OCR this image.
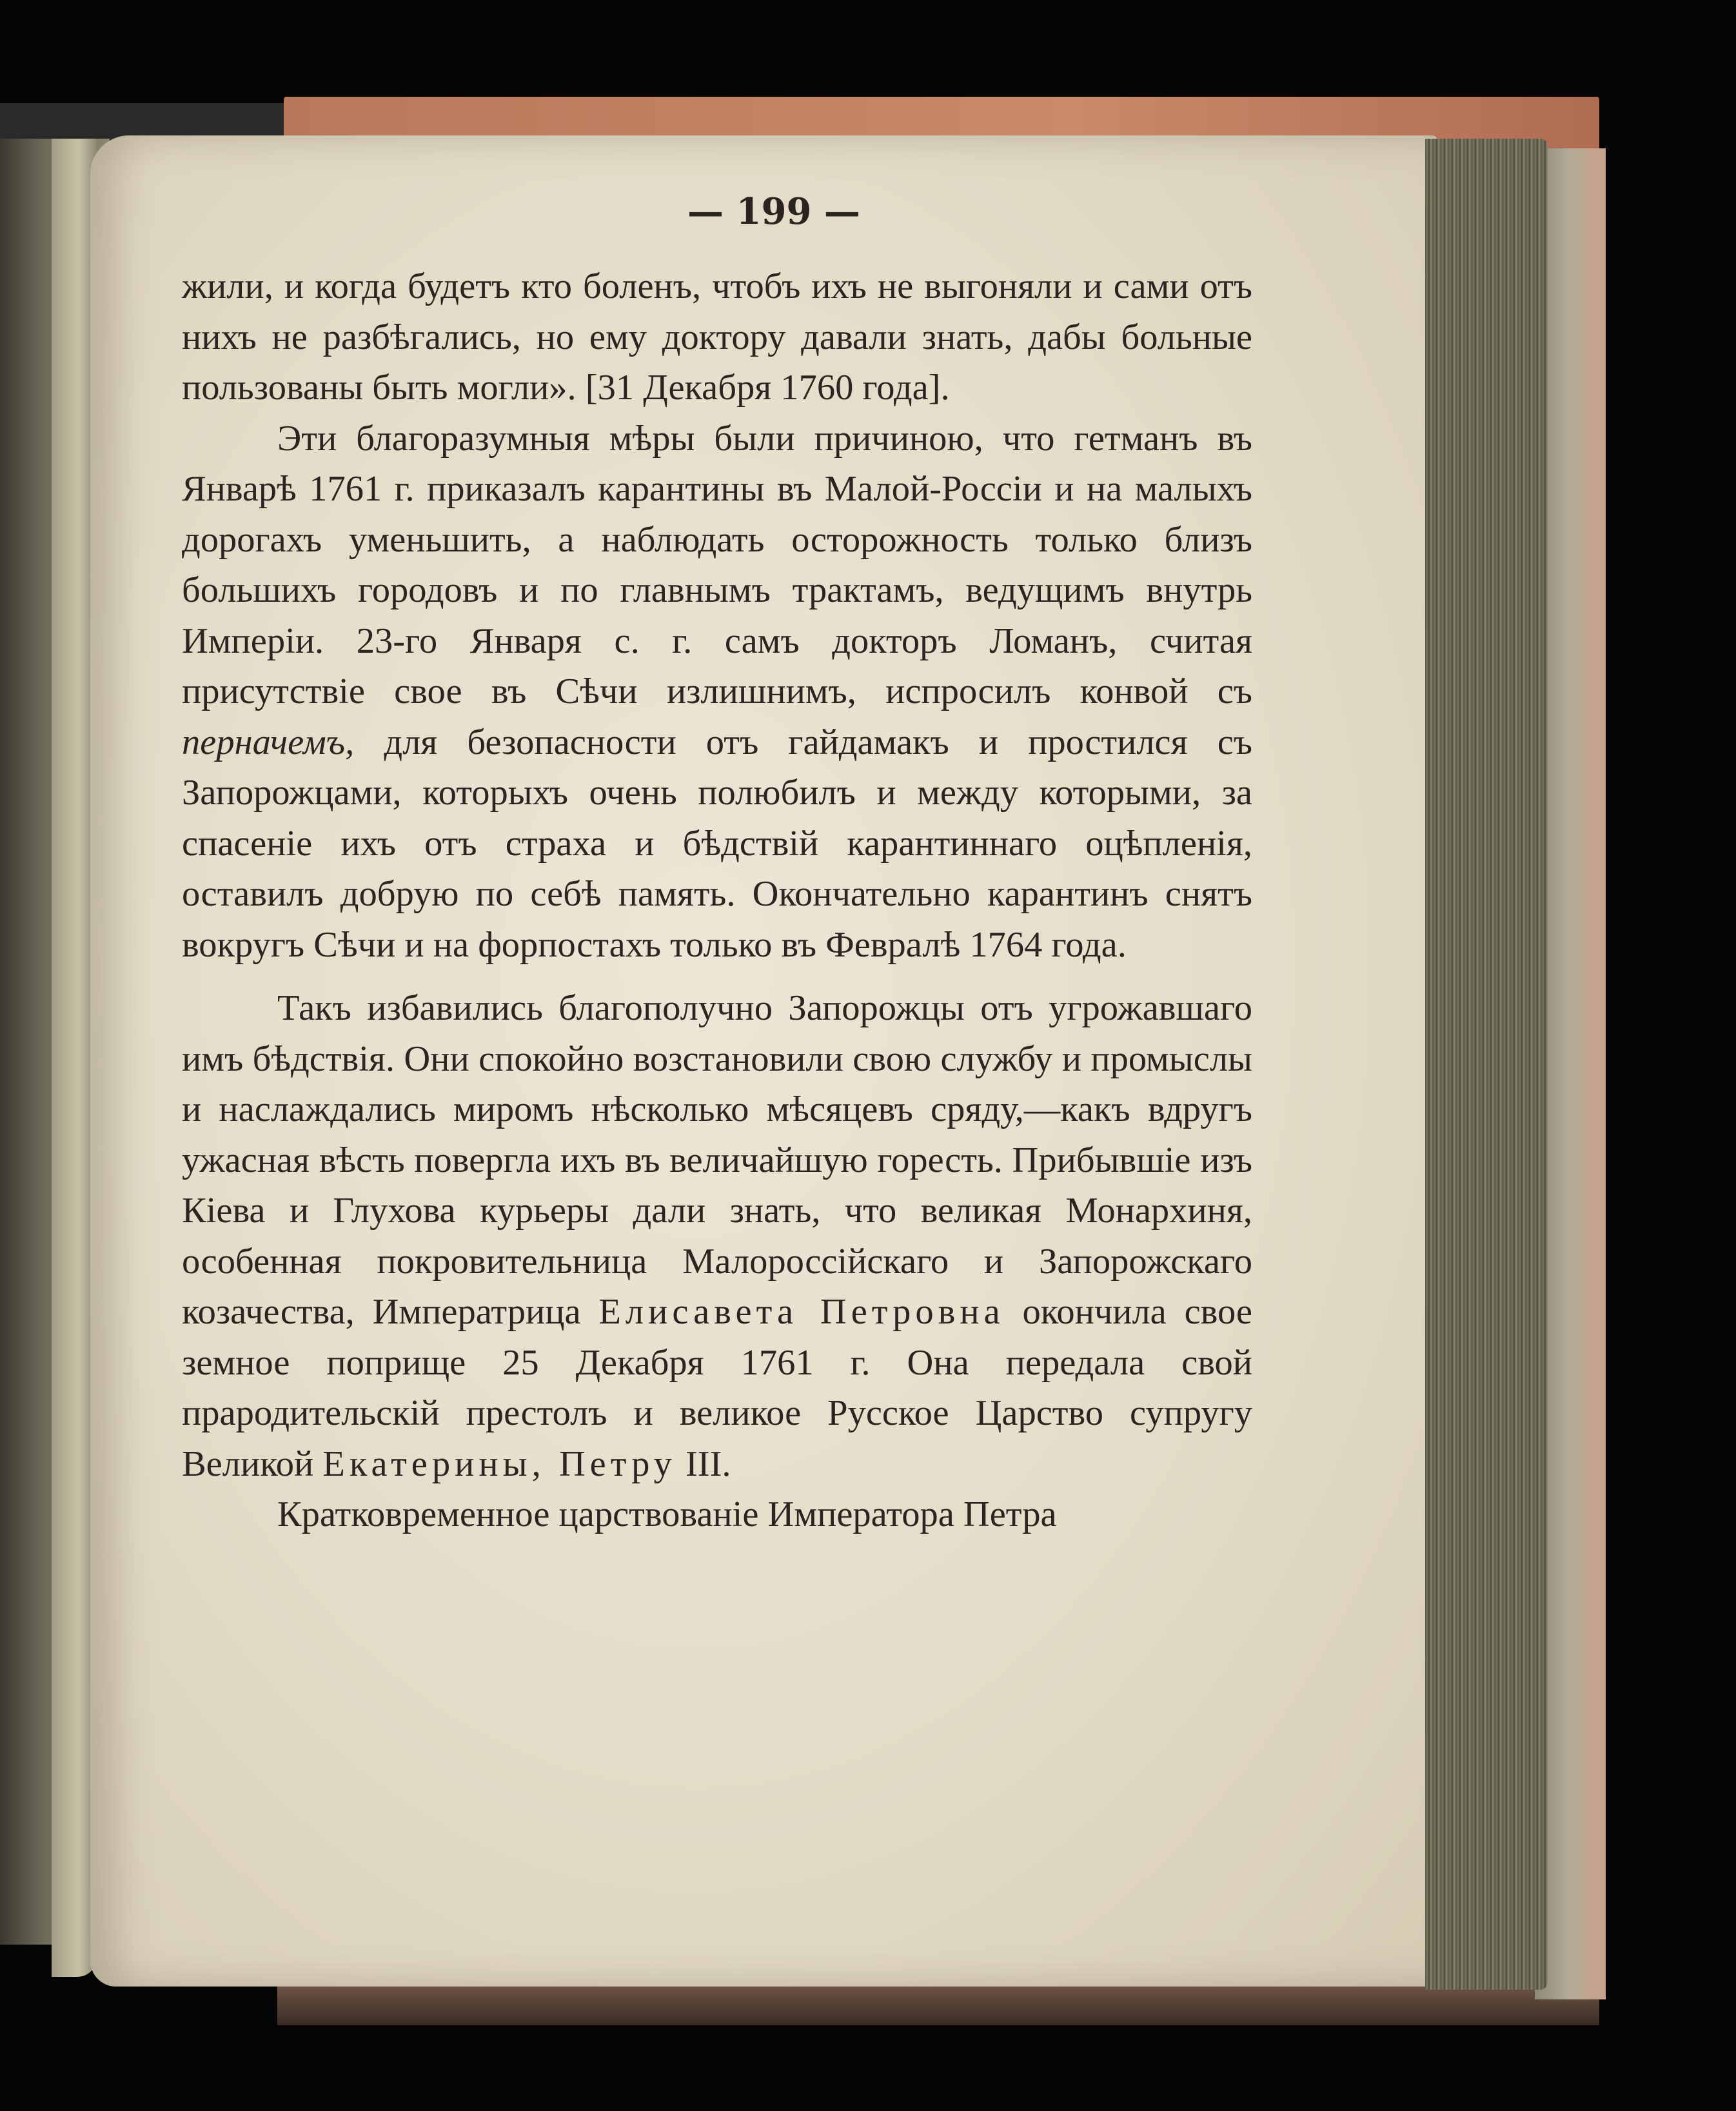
— 199 —

жили, и когда будетъ кто боленъ, чтобъ ихъ не выгоняли и сами отъ нихъ не разбѣгались, но ему доктору давали знать, дабы больные пользованы быть могли». [31 Декабря 1760 года].

Эти благоразумныя мѣры были причиною, что гетманъ въ Январѣ 1761 г. приказалъ карантины въ Малой-Россiи и на малыхъ дорогахъ уменьшить, а наблюдать осторожность только близъ большихъ городовъ и по главнымъ трактамъ, ведущимъ внутрь Имперiи. 23-го Января с. г. самъ докторъ Ломанъ, считая присутствiе свое въ Сѣчи излишнимъ, испросилъ конвой съ перначемъ, для безопасности отъ гайдамакъ и простился съ Запорожцами, которыхъ очень полюбилъ и между которыми, за спасенiе ихъ отъ страха и бѣдствiй карантиннаго оцѣпленiя, оставилъ добрую по себѣ память. Окончательно карантинъ снятъ вокругъ Сѣчи и на форпостахъ только въ Февралѣ 1764 года.

Такъ избавились благополучно Запорожцы отъ угрожавшаго имъ бѣдствiя. Они спокойно возстановили свою службу и промыслы и наслаждались миромъ нѣсколько мѣсяцевъ сряду,—какъ вдругъ ужасная вѣсть повергла ихъ въ величайшую горесть. Прибывшiе изъ Кiева и Глухова курьеры дали знать, что великая Монархиня, особенная покровительница Малороссiйскаго и Запорожскаго козачества, Императрица Елисавета Петровна окончила свое земное поприще 25 Декабря 1761 г. Она передала свой прародительскiй престолъ и великое Русское Царство супругу Великой Екатерины, Петру III.

Кратковременное царствованiе Императора Петра
